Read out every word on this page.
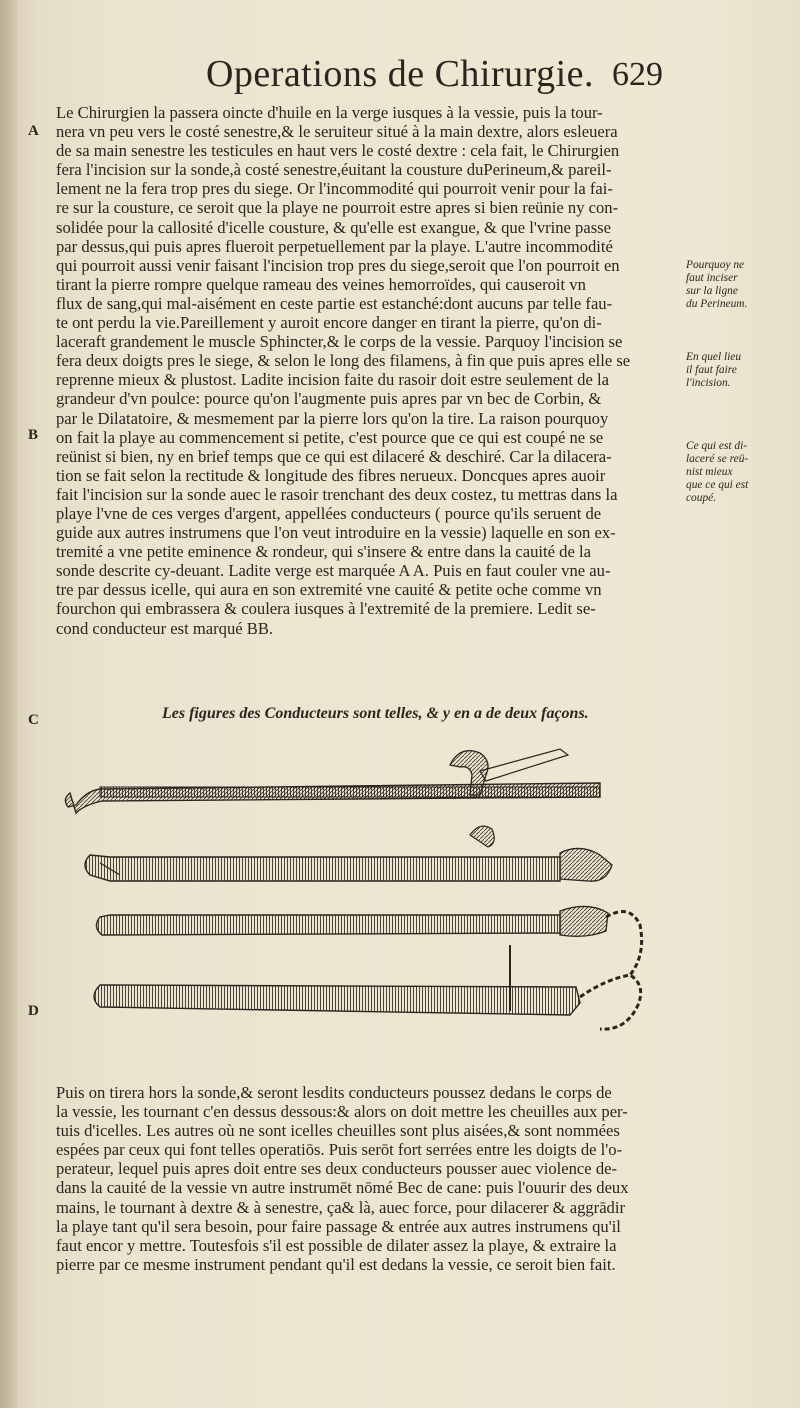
Operations de Chirurgie. 629
A
B
C
D
Le Chirurgien la passera oincte d'huile en la verge iusques à la vessie, puis la tour-
nera vn peu vers le costé senestre,& le seruiteur situé à la main dextre, alors esleuera
de sa main senestre les testicules en haut vers le costé dextre : cela fait, le Chirurgien
fera l'incision sur la sonde,à costé senestre,éuitant la cousture duPerineum,& pareil-
lement ne la fera trop pres du siege. Or l'incommodité qui pourroit venir pour la fai-
re sur la cousture, ce seroit que la playe ne pourroit estre apres si bien reünie ny con-
solidée pour la callosité d'icelle cousture, & qu'elle est exangue, & que l'vrine passe
par dessus,qui puis apres flueroit perpetuellement par la playe. L'autre incommodité
qui pourroit aussi venir faisant l'incision trop pres du siege,seroit que l'on pourroit en
tirant la pierre rompre quelque rameau des veines hemorroïdes, qui causeroit vn
flux de sang,qui mal-aisément en ceste partie est estanché:dont aucuns par telle fau-
te ont perdu la vie.Pareillement y auroit encore danger en tirant la pierre, qu'on di-
laceraft grandement le muscle Sphincter,& le corps de la vessie. Parquoy l'incision se
fera deux doigts pres le siege, & selon le long des filamens, à fin que puis apres elle se
reprenne mieux & plustost. Ladite incision faite du rasoir doit estre seulement de la
grandeur d'vn poulce: pource qu'on l'augmente puis apres par vn bec de Corbin, &
par le Dilatatoire, & mesmement par la pierre lors qu'on la tire. La raison pourquoy
on fait la playe au commencement si petite, c'est pource que ce qui est coupé ne se
reünist si bien, ny en brief temps que ce qui est dilaceré & deschiré. Car la dilacera-
tion se fait selon la rectitude & longitude des fibres nerueux. Doncques apres auoir
fait l'incision sur la sonde auec le rasoir trenchant des deux costez, tu mettras dans la
playe l'vne de ces verges d'argent, appellées conducteurs ( pource qu'ils seruent de
guide aux autres instrumens que l'on veut introduire en la vessie) laquelle en son ex-
tremité a vne petite eminence & rondeur, qui s'insere & entre dans la cauité de la
sonde descrite cy-deuant. Ladite verge est marquée A A. Puis en faut couler vne au-
tre par dessus icelle, qui aura en son extremité vne cauité & petite oche comme vn
fourchon qui embrassera & coulera iusques à l'extremité de la premiere. Ledit se-
cond conducteur est marqué BB.
Pourquoy ne
faut inciser
sur la ligne
du Perineum.
En quel lieu
il faut faire
l'incision.
Ce qui est di-
laceré se reü-
nist mieux
que ce qui est
coupé.
Les figures des Conducteurs sont telles, & y en a de deux façons.
Puis on tirera hors la sonde,& seront lesdits conducteurs poussez dedans le corps de
la vessie, les tournant c'en dessus dessous:& alors on doit mettre les cheuilles aux per-
tuis d'icelles. Les autres où ne sont icelles cheuilles sont plus aisées,& sont nommées
espées par ceux qui font telles operatiōs. Puis serōt fort serrées entre les doigts de l'o-
perateur, lequel puis apres doit entre ses deux conducteurs pousser auec violence de-
dans la cauité de la vessie vn autre instrumēt nōmé Bec de cane: puis l'ouurir des deux
mains, le tournant à dextre & à senestre, ça& là, auec force, pour dilacerer & aggrādir
la playe tant qu'il sera besoin, pour faire passage & entrée aux autres instrumens qu'il
faut encor y mettre. Toutesfois s'il est possible de dilater assez la playe, & extraire la
pierre par ce mesme instrument pendant qu'il est dedans la vessie, ce seroit bien fait.
